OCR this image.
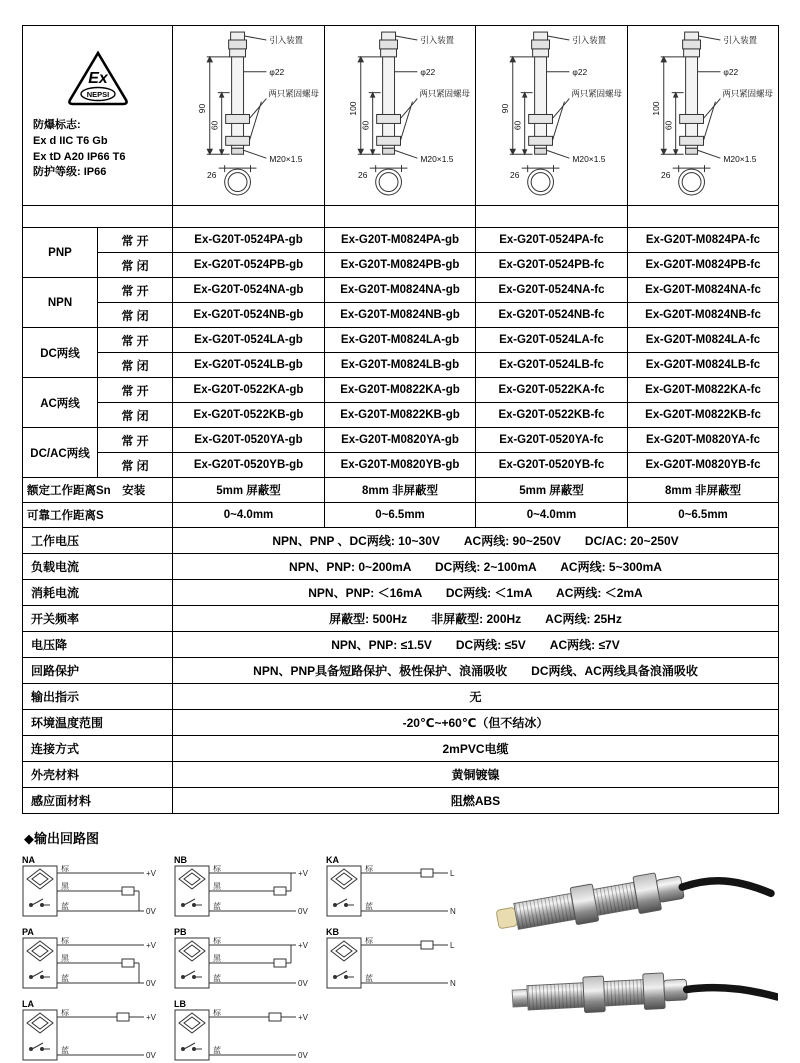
Ex
NEPSI
防爆标志:
Ex d IIC T6 Gb
Ex tD A20 IP66 T6
防护等级: IP66

引入装置
φ22
两只紧固螺母
M20×1.5
90
60
26

引入装置
φ22
两只紧固螺母
M20×1.5
100
60
26

引入装置
φ22
两只紧固螺母
M20×1.5
90
60
26

引入装置
φ22
两只紧固螺母
M20×1.5
100
60
26

PNP	常 开	Ex-G20T-0524PA-gb	Ex-G20T-M0824PA-gb	Ex-G20T-0524PA-fc	Ex-G20T-M0824PA-fc
	常 闭	Ex-G20T-0524PB-gb	Ex-G20T-M0824PB-gb	Ex-G20T-0524PB-fc	Ex-G20T-M0824PB-fc
NPN	常 开	Ex-G20T-0524NA-gb	Ex-G20T-M0824NA-gb	Ex-G20T-0524NA-fc	Ex-G20T-M0824NA-fc
	常 闭	Ex-G20T-0524NB-gb	Ex-G20T-M0824NB-gb	Ex-G20T-0524NB-fc	Ex-G20T-M0824NB-fc
DC两线	常 开	Ex-G20T-0524LA-gb	Ex-G20T-M0824LA-gb	Ex-G20T-0524LA-fc	Ex-G20T-M0824LA-fc
	常 闭	Ex-G20T-0524LB-gb	Ex-G20T-M0824LB-gb	Ex-G20T-0524LB-fc	Ex-G20T-M0824LB-fc
AC两线	常 开	Ex-G20T-0522KA-gb	Ex-G20T-M0822KA-gb	Ex-G20T-0522KA-fc	Ex-G20T-M0822KA-fc
	常 闭	Ex-G20T-0522KB-gb	Ex-G20T-M0822KB-gb	Ex-G20T-0522KB-fc	Ex-G20T-M0822KB-fc
DC/AC两线	常 开	Ex-G20T-0520YA-gb	Ex-G20T-M0820YA-gb	Ex-G20T-0520YA-fc	Ex-G20T-M0820YA-fc
	常 闭	Ex-G20T-0520YB-gb	Ex-G20T-M0820YB-gb	Ex-G20T-0520YB-fc	Ex-G20T-M0820YB-fc
额定工作距离Sn　安装		5mm 屏蔽型	8mm 非屏蔽型	5mm 屏蔽型	8mm 非屏蔽型
可靠工作距离S		0~4.0mm	0~6.5mm	0~4.0mm	0~6.5mm
工作电压		NPN、PNP 、DC两线: 10~30V　　AC两线: 90~250V　　DC/AC: 20~250V			
负载电流		NPN、PNP: 0~200mA　　DC两线: 2~100mA　　AC两线: 5~300mA			
消耗电流		NPN、PNP: ＜16mA　　DC两线: ＜1mA　　AC两线: ＜2mA			
开关频率		屏蔽型: 500Hz　　非屏蔽型: 200Hz　　AC两线: 25Hz			
电压降		NPN、PNP: ≤1.5V　　DC两线: ≤5V　　AC两线: ≤7V			
回路保护		NPN、PNP具备短路保护、极性保护、浪涌吸收　　DC两线、AC两线具备浪涌吸收			
输出指示		无			
环境温度范围		-20℃~+60℃（但不结冰）			
连接方式		2mPVC电缆			
外壳材料		黄铜镀镍			
感应面材料		阻燃ABS			
◆输出回路图
NA
棕
黑
蓝
+V
0V
NB
棕
黑
蓝
+V
0V
KA
棕
蓝
L
N
PA
棕
黑
蓝
+V
0V
PB
棕
黑
蓝
+V
0V
KB
棕
蓝
L
N
LA
棕
蓝
+V
0V
LB
棕
蓝
+V
0V
